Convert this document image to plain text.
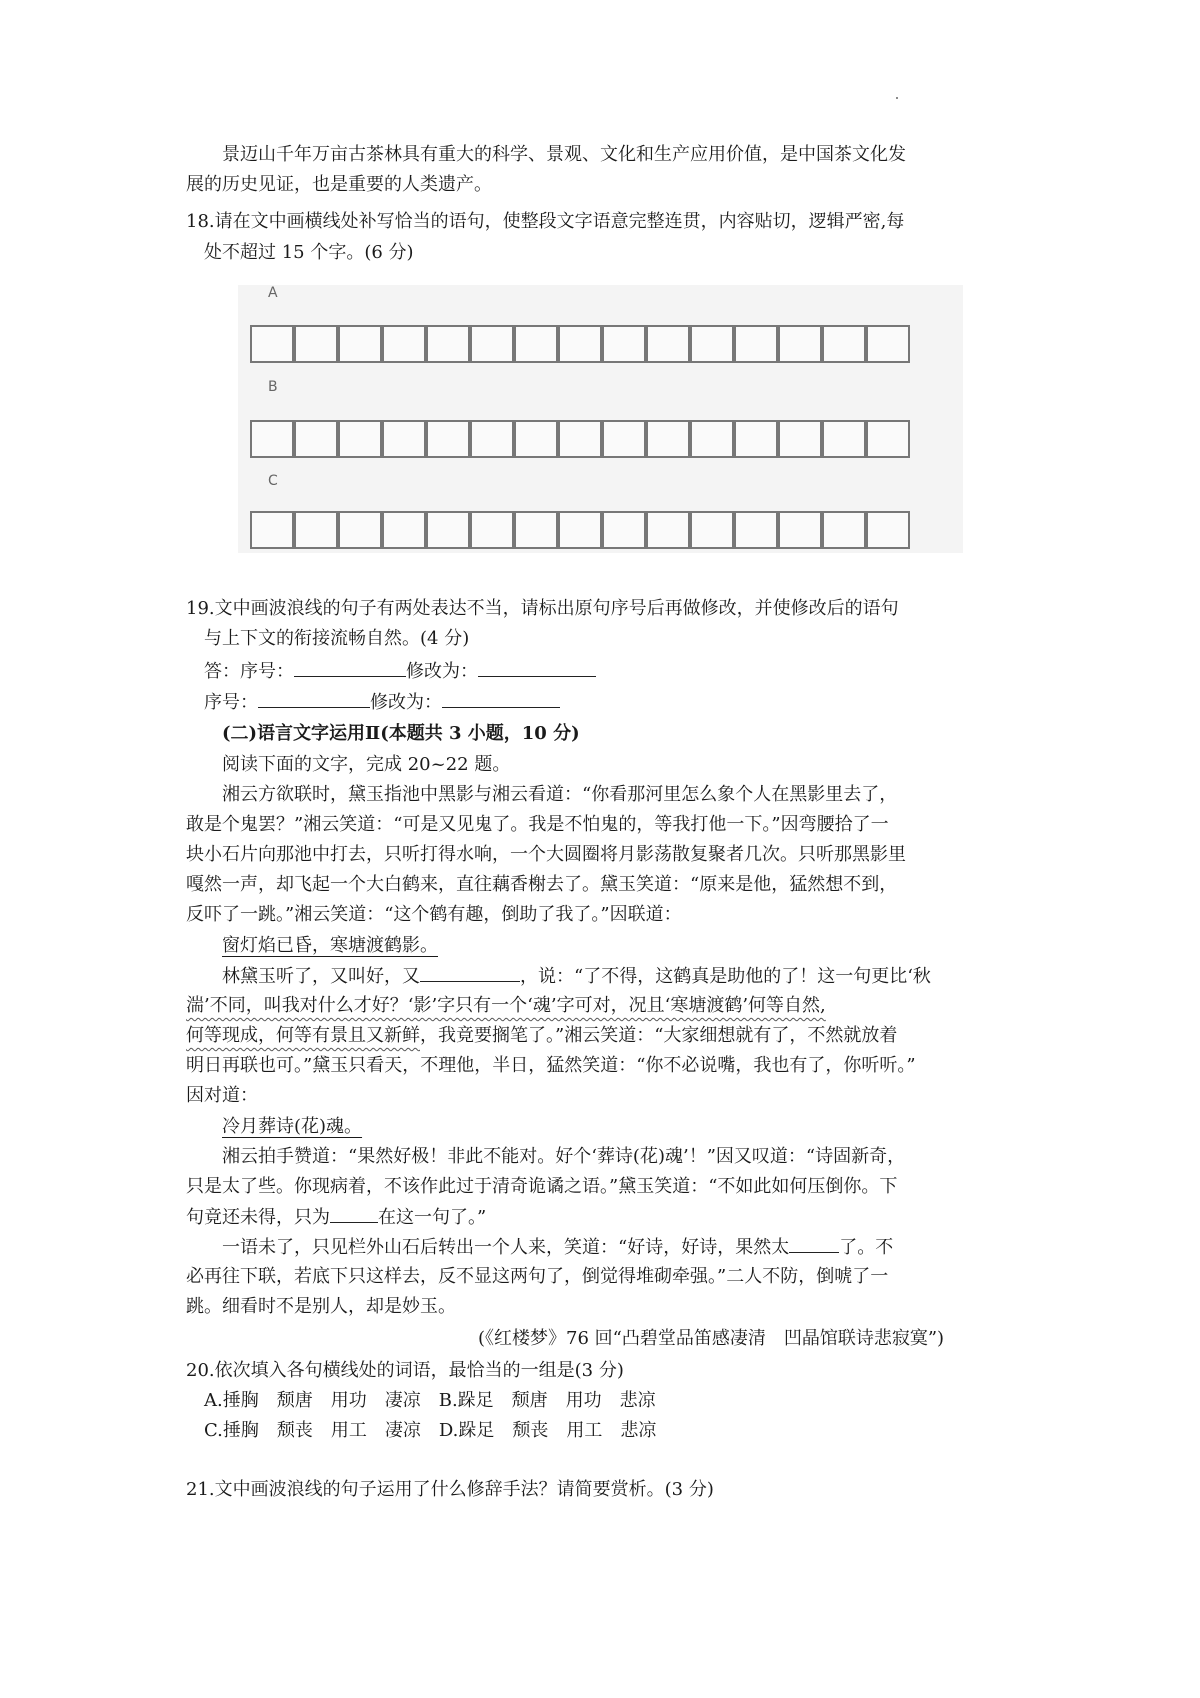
景迈山千年万亩古茶林具有重大的科学、景观、文化和生产应用价值，是中国茶文化发
展的历史见证，也是重要的人类遗产。
18.请在文中画横线处补写恰当的语句，使整段文字语意完整连贯，内容贴切，逻辑严密,每
处不超过 15 个字。(6 分)
A
B
C
19.文中画波浪线的句子有两处表达不当，请标出原句序号后再做修改，并使修改后的语句
与上下文的衔接流畅自然。(4 分)
答：序号：	修改为：
序号：	修改为：
(二)语言文字运用Ⅱ(本题共 3 小题，10 分)
阅读下面的文字，完成 20~22 题。
湘云方欲联时，黛玉指池中黑影与湘云看道：“你看那河里怎么象个人在黑影里去了，
敢是个鬼罢？”湘云笑道：“可是又见鬼了。我是不怕鬼的，等我打他一下。”因弯腰拾了一
块小石片向那池中打去，只听打得水响，一个大圆圈将月影荡散复聚者几次。只听那黑影里
嘎然一声，却飞起一个大白鹤来，直往藕香榭去了。黛玉笑道：“原来是他，猛然想不到，
反吓了一跳。”湘云笑道：“这个鹤有趣，倒助了我了。”因联道：
窗灯焰已昏，寒塘渡鹤影。
林黛玉听了，又叫好，又	，说：“了不得，这鹤真是助他的了！这一句更比‘秋
湍’不同，叫我对什么才好？‘影’字只有一个‘魂’字可对，况且‘寒塘渡鹤’何等自然,
何等现成，何等有景且又新鲜，我竟要搁笔了。”湘云笑道：“大家细想就有了，不然就放着
明日再联也可。”黛玉只看天，不理他，半日，猛然笑道：“你不必说嘴，我也有了，你听听。”
因对道：
冷月葬诗(花)魂。
湘云拍手赞道：“果然好极！非此不能对。好个‘葬诗(花)魂’！”因又叹道：“诗固新奇，
只是太了些。你现病着，不该作此过于清奇诡谲之语。”黛玉笑道：“不如此如何压倒你。下
句竟还未得，只为	在这一句了。”
一语未了，只见栏外山石后转出一个人来，笑道：“好诗，好诗，果然太	了。不
必再往下联，若底下只这样去，反不显这两句了，倒觉得堆砌牵强。”二人不防，倒唬了一
跳。细看时不是别人，却是妙玉。
(《红楼梦》76 回“凸碧堂品笛感凄清　凹晶馆联诗悲寂寞”)
20.依次填入各句横线处的词语，最恰当的一组是(3 分)
A.捶胸　颓唐　用功　凄凉　B.跺足　颓唐　用功　悲凉
C.捶胸　颓丧　用工　凄凉　D.跺足　颓丧　用工　悲凉
21.文中画波浪线的句子运用了什么修辞手法？请简要赏析。(3 分)
